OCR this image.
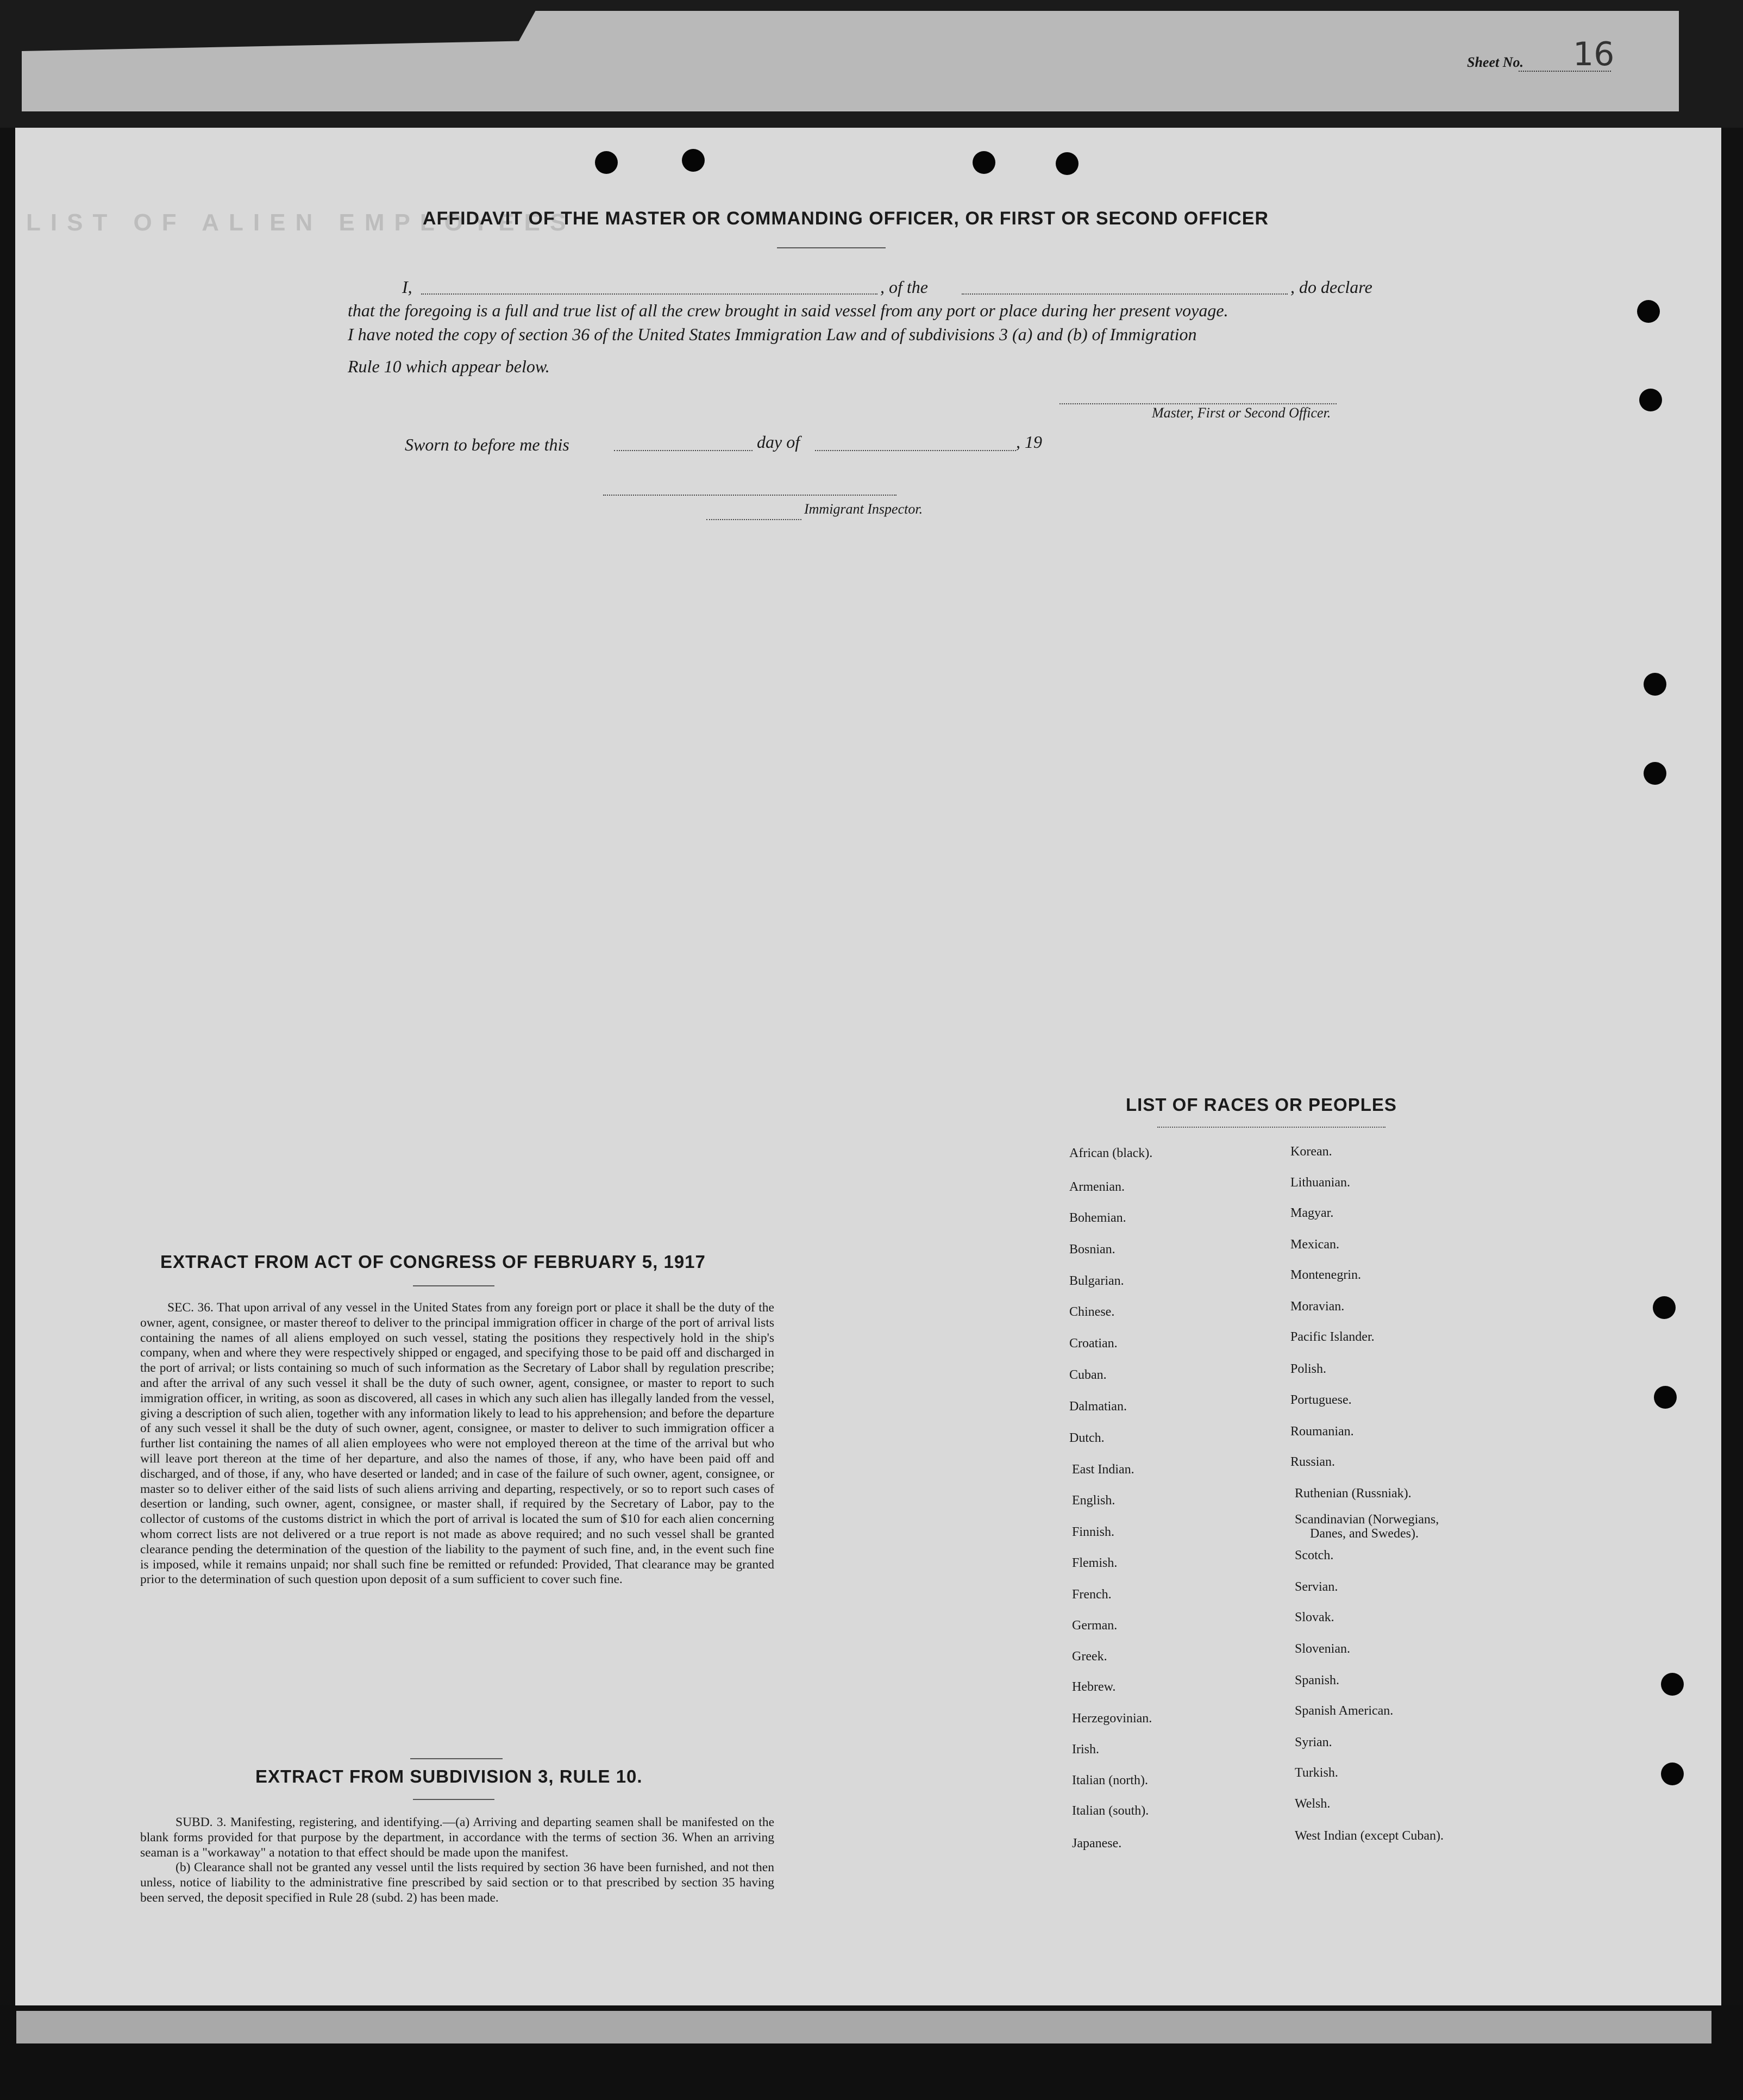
Sheet No. 16
LIST OF ALIEN EMPLOYEES
AFFIDAVIT OF THE MASTER OR COMMANDING OFFICER, OR FIRST OR SECOND OFFICER
I,	, of the	, do declare
that the foregoing is a full and true list of all the crew brought in said vessel from any port or place during her present voyage.
I have noted the copy of section 36 of the United States Immigration Law and of subdivisions 3 (a) and (b) of Immigration
Rule 10 which appear below.
Master, First or Second Officer.
Sworn to before me this	day of	, 19
Immigrant Inspector.
EXTRACT FROM ACT OF CONGRESS OF FEBRUARY 5, 1917
SEC. 36. That upon arrival of any vessel in the United States from any foreign port or place it shall be the duty of the owner, agent, consignee, or master thereof to deliver to the principal immigration officer in charge of the port of arrival lists containing the names of all aliens employed on such vessel, stating the positions they respectively hold in the ship's company, when and where they were respectively shipped or engaged, and specifying those to be paid off and discharged in the port of arrival; or lists containing so much of such information as the Secretary of Labor shall by regulation prescribe; and after the arrival of any such vessel it shall be the duty of such owner, agent, consignee, or master to report to such immigration officer, in writing, as soon as discovered, all cases in which any such alien has illegally landed from the vessel, giving a description of such alien, together with any information likely to lead to his apprehension; and before the departure of any such vessel it shall be the duty of such owner, agent, consignee, or master to deliver to such immigration officer a further list containing the names of all alien employees who were not employed thereon at the time of the arrival but who will leave port thereon at the time of her departure, and also the names of those, if any, who have been paid off and discharged, and of those, if any, who have deserted or landed; and in case of the failure of such owner, agent, consignee, or master so to deliver either of the said lists of such aliens arriving and departing, respectively, or so to report such cases of desertion or landing, such owner, agent, consignee, or master shall, if required by the Secretary of Labor, pay to the collector of customs of the customs district in which the port of arrival is located the sum of $10 for each alien concerning whom correct lists are not delivered or a true report is not made as above required; and no such vessel shall be granted clearance pending the determination of the question of the liability to the payment of such fine, and, in the event such fine is imposed, while it remains unpaid; nor shall such fine be remitted or refunded: Provided, That clearance may be granted prior to the determination of such question upon deposit of a sum sufficient to cover such fine.
EXTRACT FROM SUBDIVISION 3, RULE 10.

SUBD. 3. Manifesting, registering, and identifying.—(a) Arriving and departing seamen shall be manifested on the blank forms provided for that purpose by the department, in accordance with the terms of section 36. When an arriving seaman is a "workaway" a notation to that effect should be made upon the manifest.

(b) Clearance shall not be granted any vessel until the lists required by section 36 have been furnished, and not then unless, notice of liability to the administrative fine prescribed by said section or to that prescribed by section 35 having been served, the deposit specified in Rule 28 (subd. 2) has been made.

LIST OF RACES OR PEOPLES
African (black).
Armenian.
Bohemian.
Bosnian.
Bulgarian.
Chinese.
Croatian.
Cuban.
Dalmatian.
Dutch.
East Indian.
English.
Finnish.
Flemish.
French.
German.
Greek.
Hebrew.
Herzegovinian.
Irish.
Italian (north).
Italian (south).
Japanese.
Korean.
Lithuanian.
Magyar.
Mexican.
Montenegrin.
Moravian.
Pacific Islander.
Polish.
Portuguese.
Roumanian.
Russian.
Ruthenian (Russniak).
Scandinavian (Norwegians,
Danes, and Swedes).
Scotch.
Servian.
Slovak.
Slovenian.
Spanish.
Spanish American.
Syrian.
Turkish.
Welsh.
West Indian (except Cuban).
